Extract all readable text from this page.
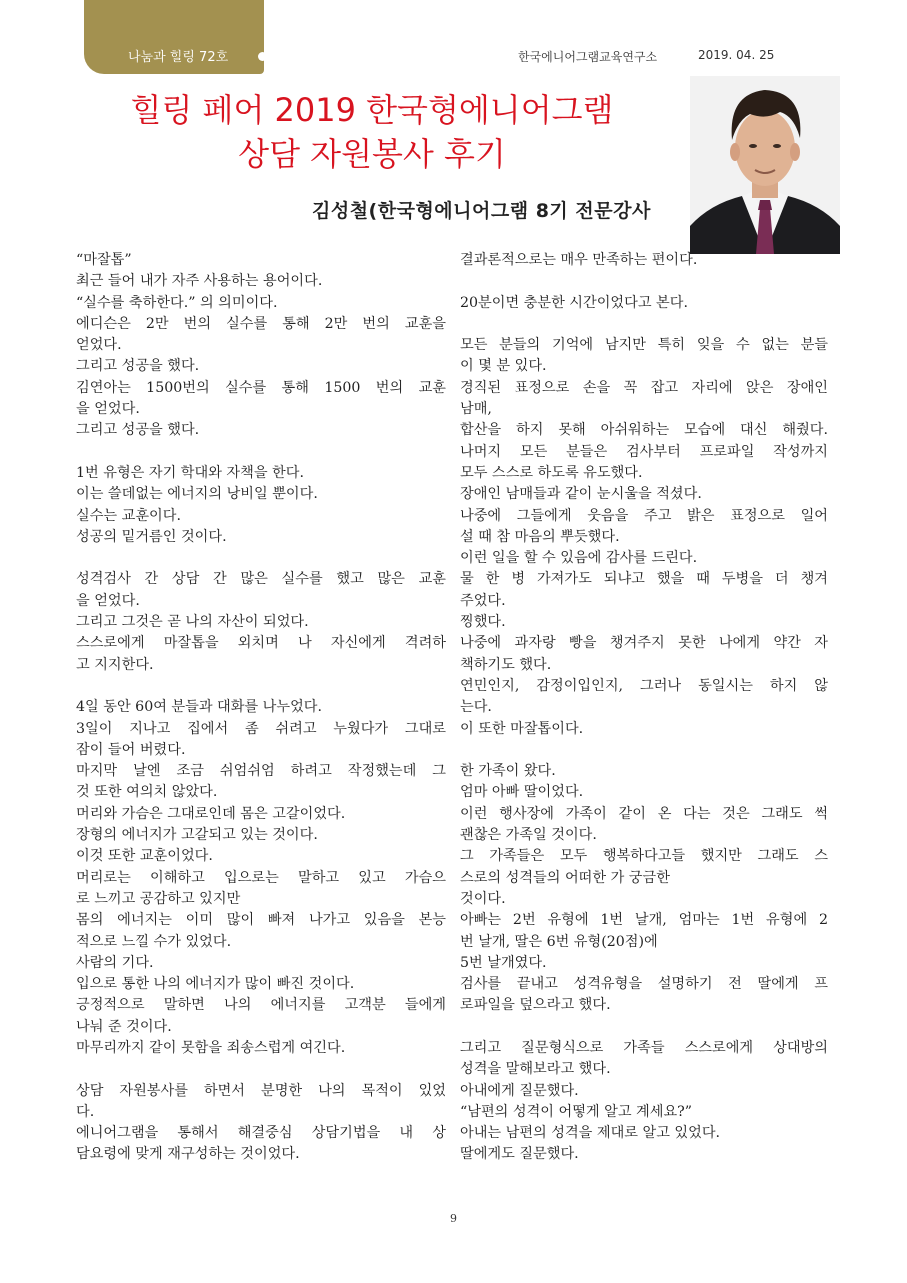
나눔과 힐링 72호	한국에니어그램교육연구소	2019. 04. 25
힐링 페어 2019 한국형에니어그램
상담 자원봉사 후기
김성철(한국형에니어그램 8기 전문강사

“마잘톱”

최근 들어 내가 자주 사용하는 용어이다.

“실수를 축하한다.” 의 의미이다.

에디슨은 2만 번의 실수를 통해 2만 번의 교훈을

얻었다.

그리고 성공을 했다.

김연아는 1500번의 실수를 통해 1500 번의 교훈

을 얻었다.

그리고 성공을 했다.

1번 유형은 자기 학대와 자책을 한다.

이는 쓸데없는 에너지의 낭비일 뿐이다.

실수는 교훈이다.

성공의 밑거름인 것이다.

성격검사 간 상담 간 많은 실수를 했고 많은 교훈

을 얻었다.

그리고 그것은 곧 나의 자산이 되었다.

스스로에게 마잘톱을 외치며 나 자신에게 격려하

고 지지한다.

4일 동안 60여 분들과 대화를 나누었다.

3일이 지나고 집에서 좀 쉬려고 누웠다가 그대로

잠이 들어 버렸다.

마지막 날엔 조금 쉬엄쉬엄 하려고 작정했는데 그

것 또한 여의치 않았다.

머리와 가슴은 그대로인데 몸은 고갈이었다.

장형의 에너지가 고갈되고 있는 것이다.

이것 또한 교훈이었다.

머리로는 이해하고 입으로는 말하고 있고 가슴으

로 느끼고 공감하고 있지만

몸의 에너지는 이미 많이 빠져 나가고 있음을 본능

적으로 느낄 수가 있었다.

사람의 기다.

입으로 통한 나의 에너지가 많이 빠진 것이다.

긍정적으로 말하면 나의 에너지를 고객분 들에게

나눠 준 것이다.

마무리까지 같이 못함을 죄송스럽게 여긴다.

상담 자원봉사를 하면서 분명한 나의 목적이 있었

다.

에니어그램을 통해서 해결중심 상담기법을 내 상

담요령에 맞게 재구성하는 것이었다.

결과론적으로는 매우 만족하는 편이다.

20분이면 충분한 시간이었다고 본다.

모든 분들의 기억에 남지만 특히 잊을 수 없는 분들

이 몇 분 있다.

경직된 표정으로 손을 꼭 잡고 자리에 앉은 장애인

남매,

합산을 하지 못해 아쉬워하는 모습에 대신 해줬다.

나머지 모든 분들은 검사부터 프로파일 작성까지

모두 스스로 하도록 유도했다.

장애인 남매들과 같이 눈시울을 적셨다.

나중에 그들에게 웃음을 주고 밝은 표정으로 일어

설 때 참 마음의 뿌듯했다.

이런 일을 할 수 있음에 감사를 드린다.

물 한 병 가져가도 되냐고 했을 때 두병을 더 챙겨

주었다.

찡했다.

나중에 과자랑 빵을 챙겨주지 못한 나에게 약간 자

책하기도 했다.

연민인지, 감정이입인지, 그러나 동일시는 하지 않

는다.

이 또한 마잘톱이다.

한 가족이 왔다.

엄마 아빠 딸이었다.

이런 행사장에 가족이 같이 온 다는 것은 그래도 썩

괜찮은 가족일 것이다.

그 가족들은 모두 행복하다고들 했지만 그래도 스

스로의 성격들의 어떠한 가 궁금한

것이다.

아빠는 2번 유형에 1번 날개, 엄마는 1번 유형에 2

번 날개, 딸은 6번 유형(20점)에

5번 날개였다.

검사를 끝내고 성격유형을 설명하기 전 딸에게 프

로파일을 덮으라고 했다.

그리고 질문형식으로 가족들 스스로에게 상대방의

성격을 말해보라고 했다.

아내에게 질문했다.

“남편의 성격이 어떻게 알고 계세요?”

아내는 남편의 성격을 제대로 알고 있었다.

딸에게도 질문했다.

9
